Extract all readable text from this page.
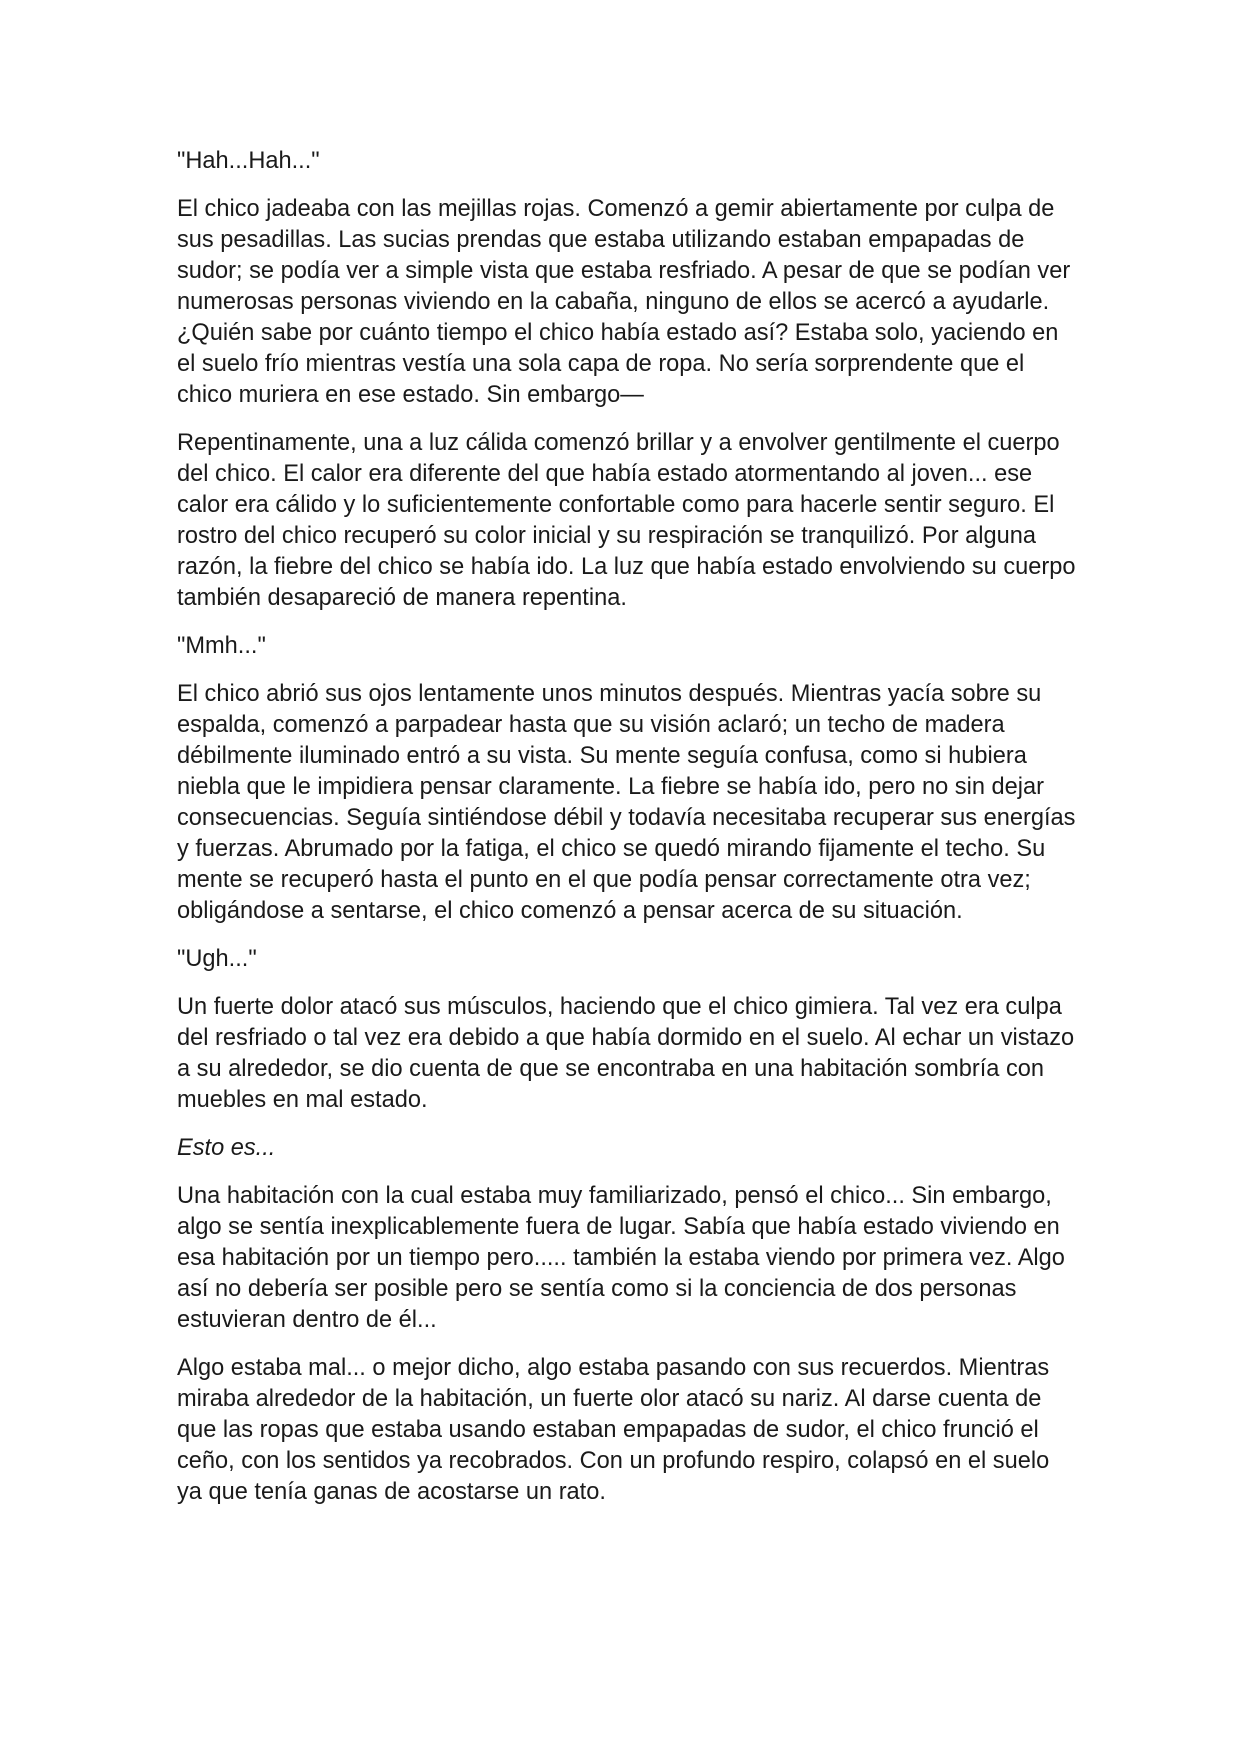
"Hah...Hah..."

El chico jadeaba con las mejillas rojas. Comenzó a gemir abiertamente por culpa de sus pesadillas. Las sucias prendas que estaba utilizando estaban empapadas de sudor; se podía ver a simple vista que estaba resfriado. A pesar de que se podían ver numerosas personas viviendo en la cabaña, ninguno de ellos se acercó a ayudarle. ¿Quién sabe por cuánto tiempo el chico había estado así? Estaba solo, yaciendo en el suelo frío mientras vestía una sola capa de ropa. No sería sorprendente que el chico muriera en ese estado. Sin embargo—

Repentinamente, una a luz cálida comenzó brillar y a envolver gentilmente el cuerpo del chico. El calor era diferente del que había estado atormentando al joven... ese calor era cálido y lo suficientemente confortable como para hacerle sentir seguro. El rostro del chico recuperó su color inicial y su respiración se tranquilizó. Por alguna razón, la fiebre del chico se había ido. La luz que había estado envolviendo su cuerpo también desapareció de manera repentina.

"Mmh..."

El chico abrió sus ojos lentamente unos minutos después. Mientras yacía sobre su espalda, comenzó a parpadear hasta que su visión aclaró; un techo de madera débilmente iluminado entró a su vista. Su mente seguía confusa, como si hubiera niebla que le impidiera pensar claramente. La fiebre se había ido, pero no sin dejar consecuencias. Seguía sintiéndose débil y todavía necesitaba recuperar sus energías y fuerzas. Abrumado por la fatiga, el chico se quedó mirando fijamente el techo. Su mente se recuperó hasta el punto en el que podía pensar correctamente otra vez; obligándose a sentarse, el chico comenzó a pensar acerca de su situación.

"Ugh..."

Un fuerte dolor atacó sus músculos, haciendo que el chico gimiera. Tal vez era culpa del resfriado o tal vez era debido a que había dormido en el suelo. Al echar un vistazo a su alrededor, se dio cuenta de que se encontraba en una habitación sombría con muebles en mal estado.

Esto es...

Una habitación con la cual estaba muy familiarizado, pensó el chico... Sin embargo, algo se sentía inexplicablemente fuera de lugar. Sabía que había estado viviendo en esa habitación por un tiempo pero..... también la estaba viendo por primera vez. Algo así no debería ser posible pero se sentía como si la conciencia de dos personas estuvieran dentro de él...

Algo estaba mal... o mejor dicho, algo estaba pasando con sus recuerdos. Mientras miraba alrededor de la habitación, un fuerte olor atacó su nariz. Al darse cuenta de que las ropas que estaba usando estaban empapadas de sudor, el chico frunció el ceño, con los sentidos ya recobrados. Con un profundo respiro, colapsó en el suelo ya que tenía ganas de acostarse un rato.
